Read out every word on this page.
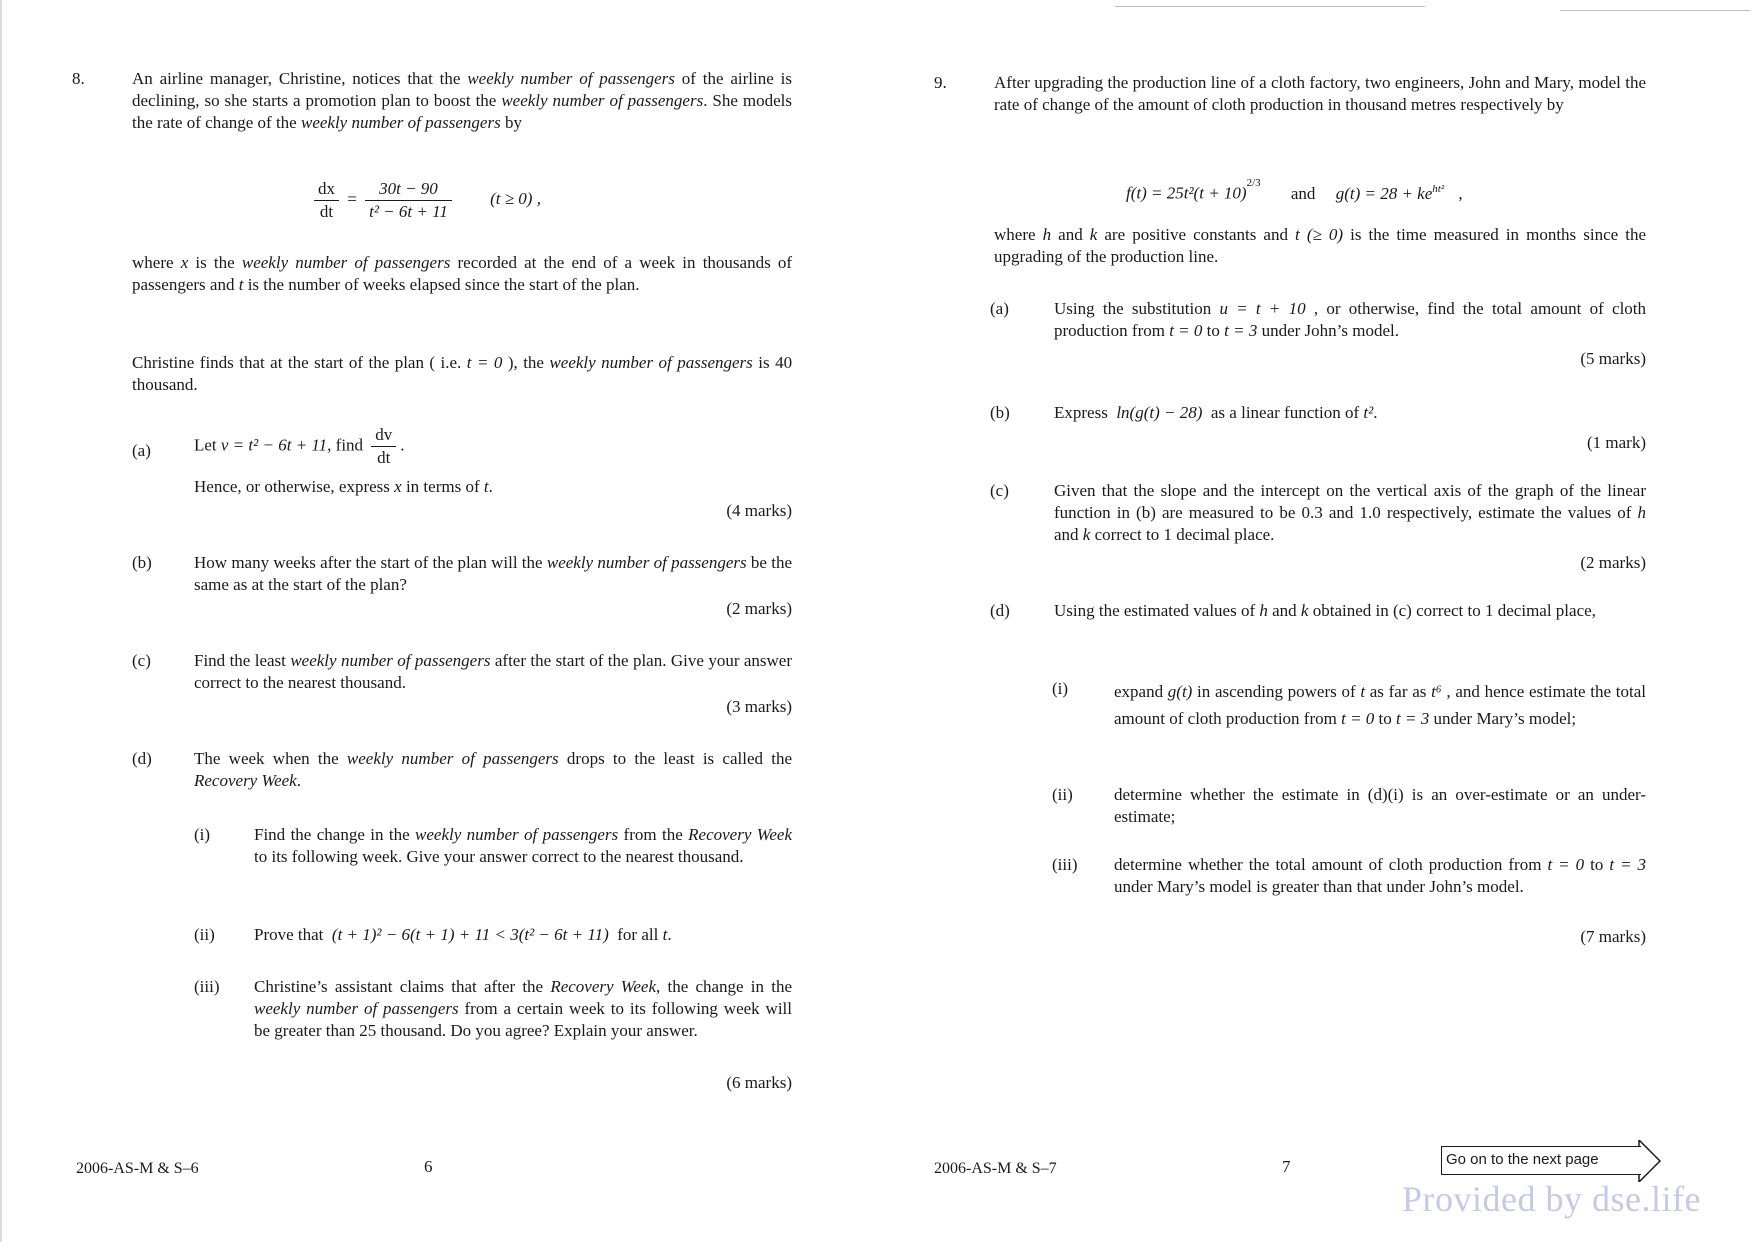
8.	An airline manager, Christine, notices that the weekly number of passengers of the airline is declining, so she starts a promotion plan to boost the weekly number of passengers. She models the rate of change of the weekly number of passengers by
$\frac{dx}{dt} = \frac{30t - 90}{\text{t² − 6t + 11}} (t \ge 0)$ ,
where x is the weekly number of passengers recorded at the end of a week in thousands of passengers and t is the number of weeks elapsed since the start of the plan.
Christine finds that at the start of the plan ( i.e. t = 0 ), the weekly number of passengers is 40 thousand.
(a)	Let v = t² − 6t + 11, find $\frac{dv}{dt}$ .
Hence, or otherwise, express x in terms of t.
(4 marks)
(b) How many weeks after the start of the plan will the weekly number of passengers be the same as at the start of the plan?
(2 marks)
(c)	Find the least weekly number of passengers after the start of the plan. Give your answer correct to the nearest thousand.
(3 marks)
(d) The week when the weekly number of passengers drops to the least is called the Recovery Week.
(i)	Find the change in the weekly number of passengers from the Recovery Week to its following week. Give your answer correct to the nearest thousand.
(ii) Prove that (t + 1)² − 6(t + 1) + 11 < 3(t² − 6t + 11) for all t.
(iii) Christine’s assistant claims that after the Recovery Week, the change in the weekly number of passengers from a certain week to its following week will be greater than 25 thousand. Do you agree? Explain your answer.
(6 marks)
2006-AS-M & S–6	6
9.	After upgrading the production line of a cloth factory, two engineers, John and Mary, model the rate of change of the amount of cloth production in thousand metres respectively by
$f(t) = 25t^2(t + 10)^{2/3}$ and $g(t) = 28 + ke^{ht^2}$ ,
where h and k are positive constants and t (≥ 0) is the time measured in months since the upgrading of the production line.
(a)	Using the substitution u = t + 10 , or otherwise, find the total amount of cloth production from t = 0 to t = 3 under John’s model.
(5 marks)
(b)	Express ln(g(t) − 28) as a linear function of t².
(1 mark)
(c)	Given that the slope and the intercept on the vertical axis of the graph of the linear function in (b) are measured to be 0.3 and 1.0 respectively, estimate the values of h and k correct to 1 decimal place.
(2 marks)
(d)	Using the estimated values of h and k obtained in (c) correct to 1 decimal place,
(i)	expand g(t) in ascending powers of t as far as t⁶ , and hence estimate the total amount of cloth production from t = 0 to t = 3 under Mary’s model;
(ii) determine whether the estimate in (d)(i) is an over-estimate or an under-estimate;
(iii) determine whether the total amount of cloth production from t = 0 to t = 3 under Mary’s model is greater than that under John’s model.
(7 marks)
2006-AS-M & S–7	7	Go on to the next page
Provided by dse.life
